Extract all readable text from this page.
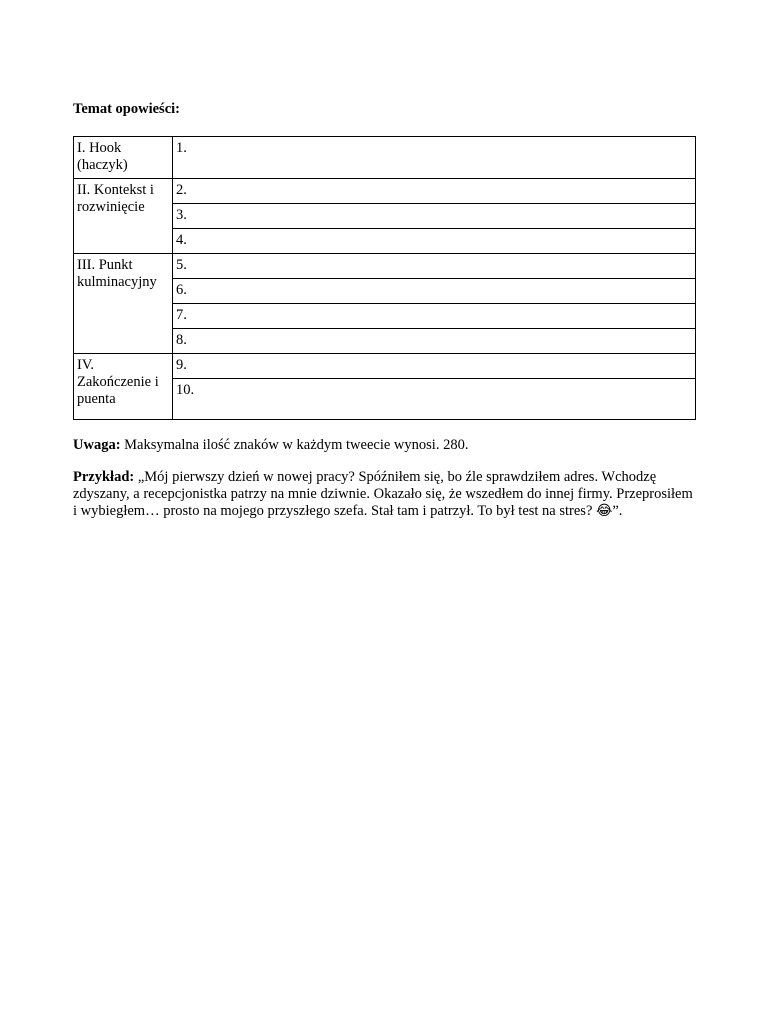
Temat opowieści:
I. Hook (haczyk)	1.
II. Kontekst i rozwinięcie	2.
	3.
	4.
III. Punkt kulminacyjny	5.
	6.
	7.
	8.
IV. Zakończenie i puenta	9.
	10.

Uwaga: Maksymalna ilość znaków w każdym tweecie wynosi. 280.

Przykład: „Mój pierwszy dzień w nowej pracy? Spóźniłem się, bo źle sprawdziłem adres. Wchodzę zdyszany, a recepcjonistka patrzy na mnie dziwnie. Okazało się, że wszedłem do innej firmy. Przeprosiłem i wybiegłem… prosto na mojego przyszłego szefa. Stał tam i patrzył. To był test na stres? 😂”.
